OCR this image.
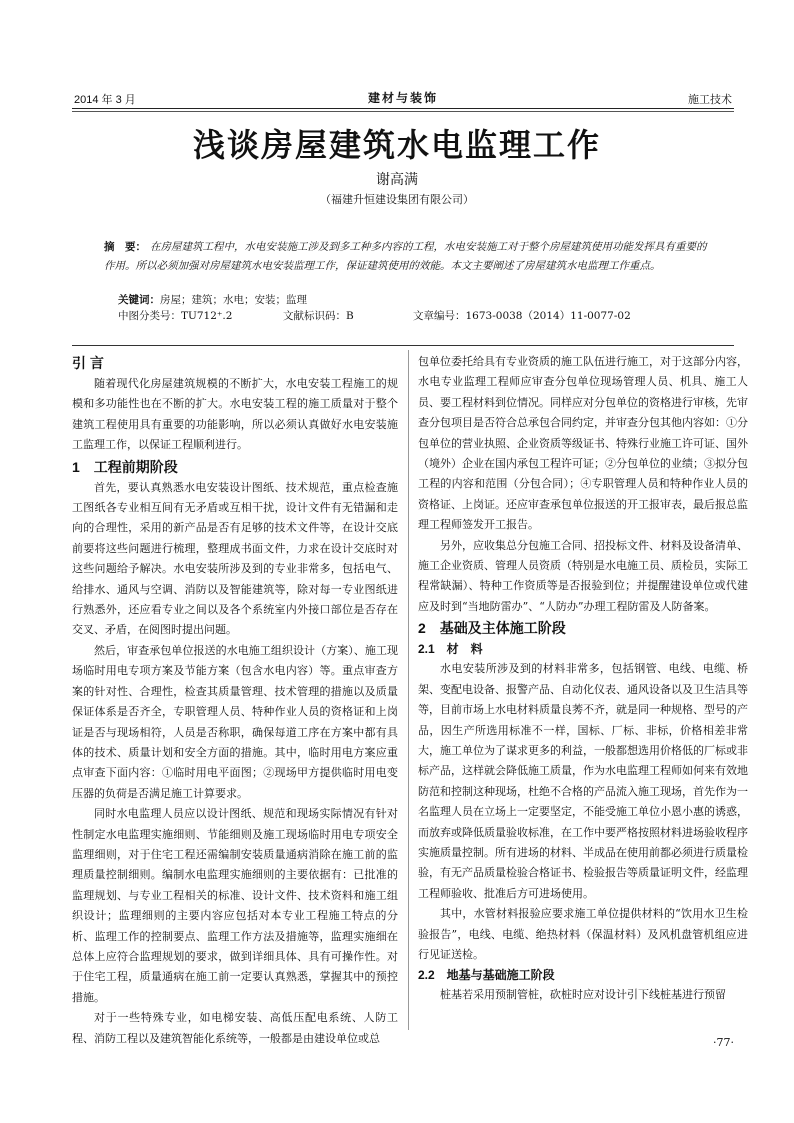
2014 年 3 月	建材与装饰	施工技术
浅谈房屋建筑水电监理工作
谢高满
（福建升恒建设集团有限公司）
摘　要： 在房屋建筑工程中，水电安装施工涉及到多工种多内容的工程，水电安装施工对于整个房屋建筑使用功能发挥具有重要的作用。所以必须加强对房屋建筑水电安装监理工作，保证建筑使用的效能。本文主要阐述了房屋建筑水电监理工作重点。
关键词：房屋；建筑；水电；安装；监理
中图分类号：TU712⁺.2	文献标识码：B	文章编号：1673-0038（2014）11-0077-02
引 言

随着现代化房屋建筑规模的不断扩大，水电安装工程施工的规模和多功能性也在不断的扩大。水电安装工程的施工质量对于整个建筑工程使用具有重要的功能影响，所以必须认真做好水电安装施工监理工作，以保证工程顺利进行。

1　工程前期阶段

首先，要认真熟悉水电安装设计图纸、技术规范，重点检查施工图纸各专业相互间有无矛盾或互相干扰，设计文件有无错漏和走向的合理性，采用的新产品是否有足够的技术文件等，在设计交底前要将这些问题进行梳理，整理成书面文件，力求在设计交底时对这些问题给予解决。水电安装所涉及到的专业非常多，包括电气、给排水、通风与空调、消防以及智能建筑等，除对每一专业图纸进行熟悉外，还应看专业之间以及各个系统室内外接口部位是否存在交叉、矛盾，在阅图时提出问题。

然后，审查承包单位报送的水电施工组织设计（方案）、施工现场临时用电专项方案及节能方案（包含水电内容）等。重点审查方案的针对性、合理性，检查其质量管理、技术管理的措施以及质量保证体系是否齐全，专职管理人员、特种作业人员的资格证和上岗证是否与现场相符，人员是否称职，确保每道工序在方案中都有具体的技术、质量计划和安全方面的措施。其中，临时用电方案应重点审查下面内容：①临时用电平面图；②现场甲方提供临时用电变压器的负荷是否满足施工计算要求。

同时水电监理人员应以设计图纸、规范和现场实际情况有针对性制定水电监理实施细则、节能细则及施工现场临时用电专项安全监理细则，对于住宅工程还需编制安装质量通病消除在施工前的监理质量控制细则。编制水电监理实施细则的主要依据有：已批准的监理规划、与专业工程相关的标准、设计文件、技术资料和施工组织设计；监理细则的主要内容应包括对本专业工程施工特点的分析、监理工作的控制要点、监理工作方法及措施等，监理实施细在总体上应符合监理规划的要求，做到详细具体、具有可操作性。对于住宅工程，质量通病在施工前一定要认真熟悉，掌握其中的预控措施。

对于一些特殊专业，如电梯安装、高低压配电系统、人防工程、消防工程以及建筑智能化系统等，一般都是由建设单位或总

包单位委托给具有专业资质的施工队伍进行施工，对于这部分内容，水电专业监理工程师应审查分包单位现场管理人员、机具、施工人员、要工程材料到位情况。同样应对分包单位的资格进行审核，先审查分包项目是否符合总承包合同约定，并审查分包其他内容如：①分包单位的营业执照、企业资质等级证书、特殊行业施工许可证、国外（境外）企业在国内承包工程许可证；②分包单位的业绩；③拟分包工程的内容和范围（分包合同）；④专职管理人员和特种作业人员的资格证、上岗证。还应审查承包单位报送的开工报审表，最后报总监理工程师签发开工报告。

另外，应收集总分包施工合同、招投标文件、材料及设备清单、施工企业资质、管理人员资质（特别是水电施工员、质检员，实际工程常缺漏）、特种工作资质等是否报验到位；并提醒建设单位或代建应及时到“当地防雷办”、“人防办”办理工程防雷及人防备案。

2　基础及主体施工阶段
2.1　材　料

水电安装所涉及到的材料非常多，包括钢管、电线、电缆、桥架、变配电设备、报警产品、自动化仪表、通风设备以及卫生洁具等等，目前市场上水电材料质量良莠不齐，就是同一种规格、型号的产品，因生产所选用标准不一样，国标、厂标、非标，价格相差非常大，施工单位为了谋求更多的利益，一般都想选用价格低的厂标或非标产品，这样就会降低施工质量，作为水电监理工程师如何来有效地防范和控制这种现场，杜绝不合格的产品流入施工现场，首先作为一名监理人员在立场上一定要坚定，不能受施工单位小恩小惠的诱惑，而放弃或降低质量验收标准，在工作中要严格按照材料进场验收程序实施质量控制。所有进场的材料、半成品在使用前都必须进行质量检验，有无产品质量检验合格证书、检验报告等质量证明文件，经监理工程师验收、批准后方可进场使用。

其中，水管材料报验应要求施工单位提供材料的“饮用水卫生检验报告”，电线、电缆、绝热材料（保温材料）及风机盘管机组应进行见证送检。

2.2　地基与基础施工阶段

桩基若采用预制管桩，砍桩时应对设计引下线桩基进行预留

·77·
